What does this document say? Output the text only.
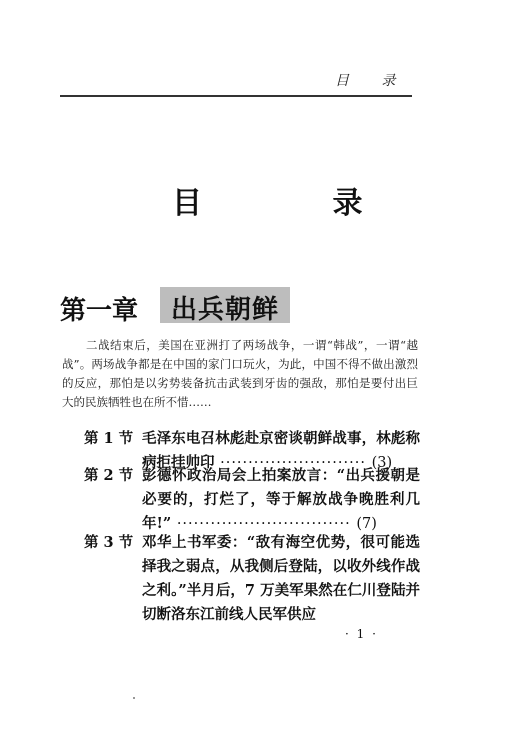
目 录
目 录
第一章	出兵朝鲜
二战结束后，美国在亚洲打了两场战争，一谓“韩战”，一谓“越战”。两场战争都是在中国的家门口玩火，为此，中国不得不做出激烈的反应，那怕是以劣势装备抗击武装到牙齿的强敌，那怕是要付出巨大的民族牺牲也在所不惜……
第 1 节 毛泽东电召林彪赴京密谈朝鲜战事，林彪称病拒挂帅印 ·························· (3)
第 2 节 彭德怀政治局会上拍案放言：“出兵援朝是必要的，打烂了，等于解放战争晚胜利几年!” ······························· (7)
第 3 节 邓华上书军委：“敌有海空优势，很可能选择我之弱点，从我侧后登陆，以收外线作战之利。”半月后，7 万美军果然在仁川登陆并切断洛东江前线人民军供应
· 1 ·
